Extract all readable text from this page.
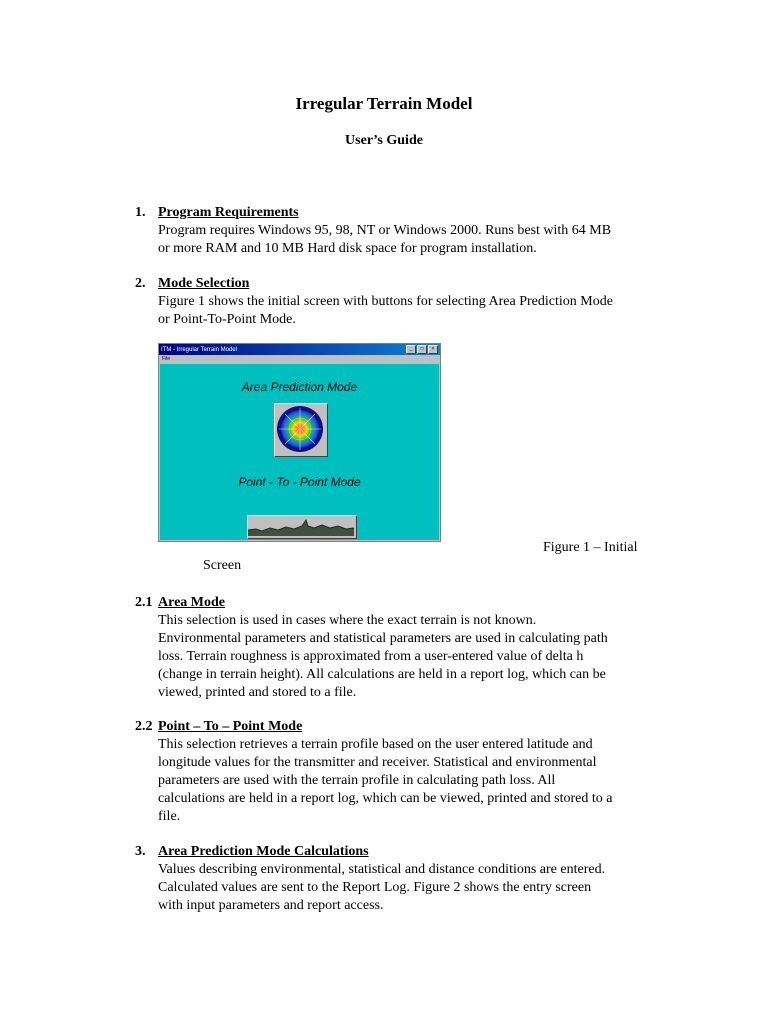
Irregular Terrain Model
User’s Guide
1. Program Requirements
Program requires Windows 95, 98, NT or Windows 2000. Runs best with 64 MB
or more RAM and 10 MB Hard disk space for program installation.
2. Mode Selection
Figure 1 shows the initial screen with buttons for selecting Area Prediction Mode
or Point-To-Point Mode.
ITM - Irregular Terrain Model	_	□	×
File
Area Prediction Mode
Point - To - Point Mode
Figure 1 – Initial
Screen
2.1 Area Mode
This selection is used in cases where the exact terrain is not known.
Environmental parameters and statistical parameters are used in calculating path
loss. Terrain roughness is approximated from a user-entered value of delta h
(change in terrain height). All calculations are held in a report log, which can be
viewed, printed and stored to a file.
2.2 Point – To – Point Mode
This selection retrieves a terrain profile based on the user entered latitude and
longitude values for the transmitter and receiver. Statistical and environmental
parameters are used with the terrain profile in calculating path loss. All
calculations are held in a report log, which can be viewed, printed and stored to a
file.
3. Area Prediction Mode Calculations
Values describing environmental, statistical and distance conditions are entered.
Calculated values are sent to the Report Log. Figure 2 shows the entry screen
with input parameters and report access.
